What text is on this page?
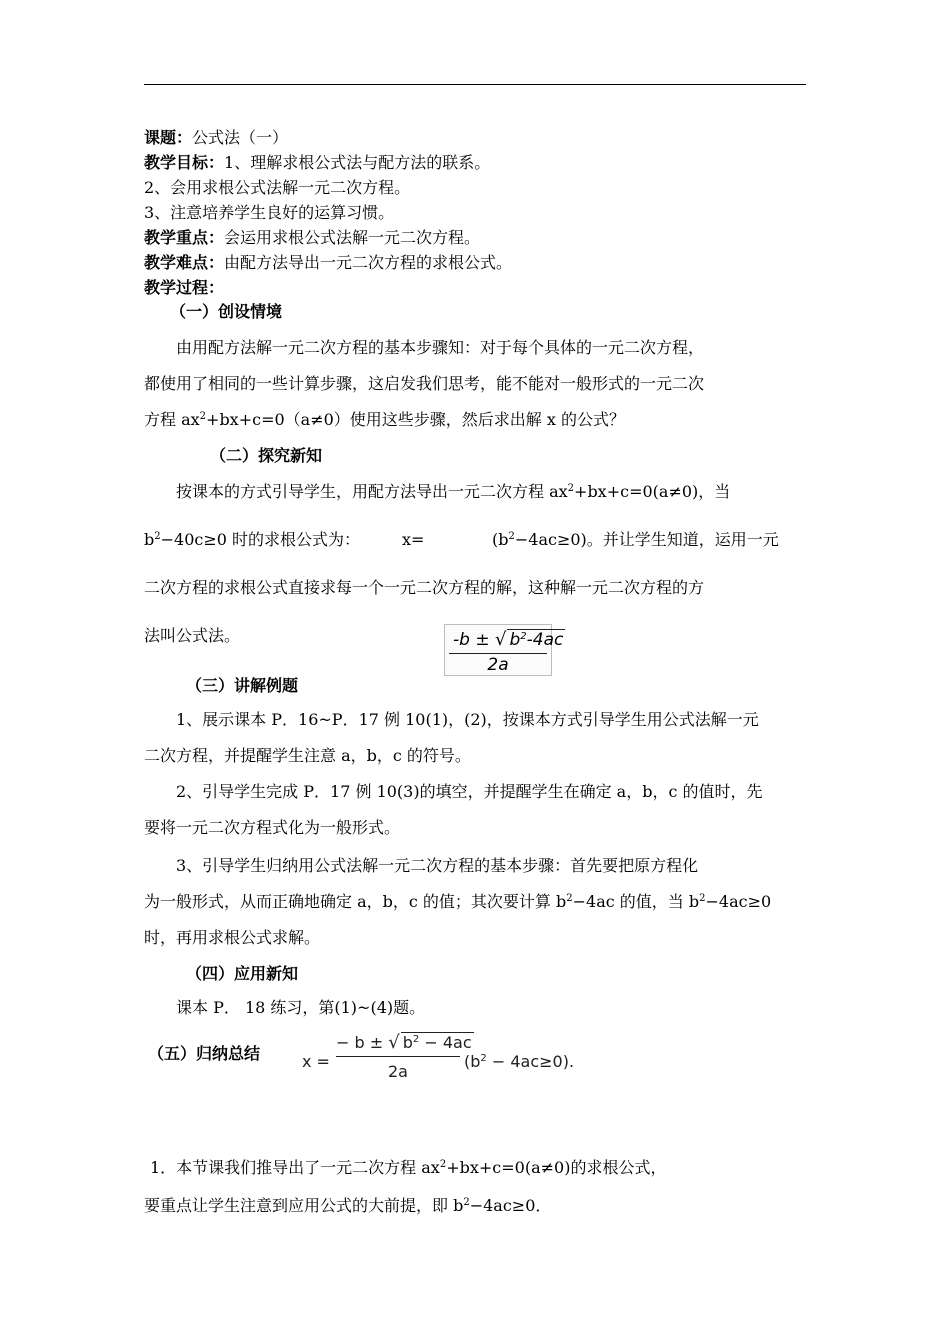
课题：公式法（一）
教学目标：1、理解求根公式法与配方法的联系。
2、会用求根公式法解一元二次方程。
3、注意培养学生良好的运算习惯。
教学重点：会运用求根公式法解一元二次方程。
教学难点：由配方法导出一元二次方程的求根公式。
教学过程：
（一）创设情境
由用配方法解一元二次方程的基本步骤知：对于每个具体的一元二次方程，
都使用了相同的一些计算步骤，这启发我们思考，能不能对一般形式的一元二次
方程 $ax^2+bx+c=0(a\ne 0)$使用这些步骤，然后求出解 x 的公式？
（二）探究新知
按课本的方式引导学生，用配方法导出一元二次方程 $ax^2+bx+c=0(a\ne 0)$，当
$b^2-40c\ge 0$ 时的求根公式为：	x=	$(b^2-4ac\ge 0)$。并让学生知道，运用一元
二次方程的求根公式直接求每一个一元二次方程的解，这种解一元二次方程的方
法叫公式法。	-b ± √ $b^2-4ac$
2a
（三）讲解例题
1、展示课本 P．16~P．17 例 10(1)，(2)，按课本方式引导学生用公式法解一元
二次方程，并提醒学生注意 a，b，c 的符号。
2、引导学生完成 P．17 例 10(3)的填空，并提醒学生在确定 a，b，c 的值时，先
要将一元二次方程式化为一般形式。
3、引导学生归纳用公式法解一元二次方程的基本步骤：首先要把原方程化
为一般形式，从而正确地确定 a，b，c 的值；其次要计算 $b^2-4ac$ 的值，当 $b^2-4ac\ge 0$
时，再用求根公式求解。
（四）应用新知
课本 P． 18 练习，第(1)~(4)题。
（五）归纳总结	x =
− b ± √ $b^2 - 4ac$
2a
$(b^2 - 4ac\ge 0)$.
1．本节课我们推导出了一元二次方程 $ax^2+bx+c=0(a\ne 0)$的求根公式，
要重点让学生注意到应用公式的大前提，即 $b^2-4ac\ge 0$．
